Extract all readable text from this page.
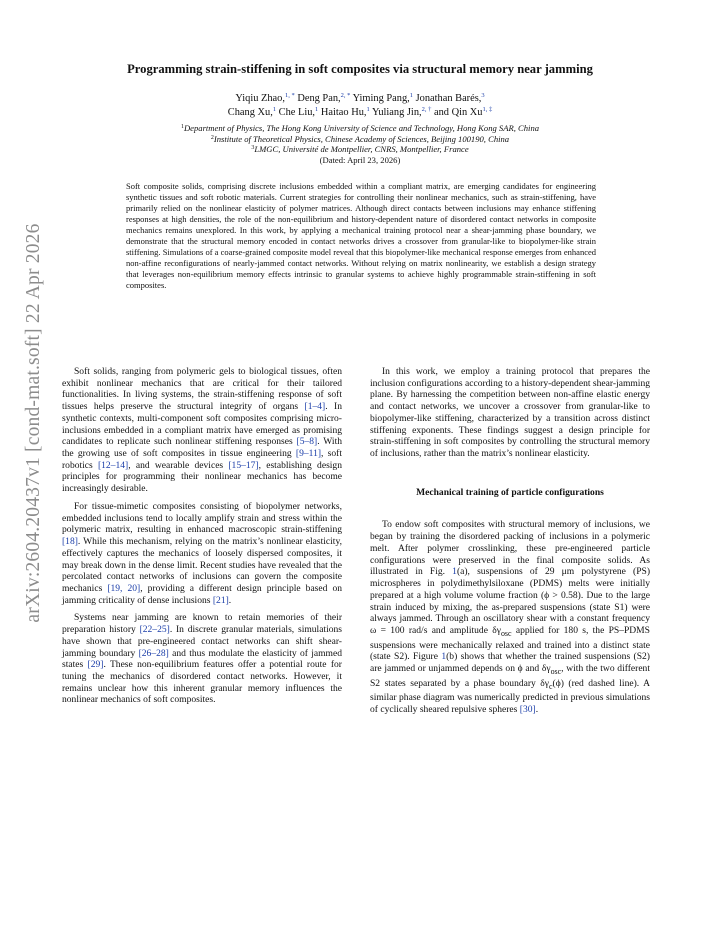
arXiv:2604.20437v1 [cond-mat.soft] 22 Apr 2026
Programming strain-stiffening in soft composites via structural memory near jamming
Yiqiu Zhao,$^{1, *}$ Deng Pan,$^{2, *}$ Yiming Pang,$^1$ Jonathan Barés,$^3$
Chang Xu,$^1$ Che Liu,$^1$ Haitao Hu,$^1$ Yuliang Jin,$^{2, \dagger}$ and Qin Xu$^{1, \ddagger}$
$^1$Department of Physics, The Hong Kong University of Science and Technology, Hong Kong SAR, China
$^2$Institute of Theoretical Physics, Chinese Academy of Sciences, Beijing 100190, China
$^3$LMGC, Université de Montpellier, CNRS, Montpellier, France
(Dated: April 23, 2026)

Soft composite solids, comprising discrete inclusions embedded within a compliant matrix, are emerging candidates for engineering synthetic tissues and soft robotic materials. Current strategies for controlling their nonlinear mechanics, such as strain-stiffening, have primarily relied on the nonlinear elasticity of polymer matrices. Although direct contacts between inclusions may enhance stiffening responses at high densities, the role of the non-equilibrium and history-dependent nature of disordered contact networks in composite mechanics remains unexplored. In this work, by applying a mechanical training protocol near a shear-jamming phase boundary, we demonstrate that the structural memory encoded in contact networks drives a crossover from granular-like to biopolymer-like strain stiffening. Simulations of a coarse-grained composite model reveal that this biopolymer-like mechanical response emerges from enhanced non-affine reconfigurations of nearly-jammed contact networks. Without relying on matrix nonlinearity, we establish a design strategy that leverages non-equilibrium memory effects intrinsic to granular systems to achieve highly programmable strain-stiffening in soft composites.

Soft solids, ranging from polymeric gels to biological tissues, often exhibit nonlinear mechanics that are critical for their tailored functionalities. In living systems, the strain-stiffening response of soft tissues helps preserve the structural integrity of organs [1–4]. In synthetic contexts, multi-component soft composites comprising micro-inclusions embedded in a compliant matrix have emerged as promising candidates to replicate such nonlinear stiffening responses [5–8]. With the growing use of soft composites in tissue engineering [9–11], soft robotics [12–14], and wearable devices [15–17], establishing design principles for programming their nonlinear mechanics has become increasingly desirable.

For tissue-mimetic composites consisting of biopolymer networks, embedded inclusions tend to locally amplify strain and stress within the polymeric matrix, resulting in enhanced macroscopic strain-stiffening [18]. While this mechanism, relying on the matrix’s nonlinear elasticity, effectively captures the mechanics of loosely dispersed composites, it may break down in the dense limit. Recent studies have revealed that the percolated contact networks of inclusions can govern the composite mechanics [19, 20], providing a different design principle based on jamming criticality of dense inclusions [21].

Systems near jamming are known to retain memories of their preparation history [22–25]. In discrete granular materials, simulations have shown that pre-engineered contact networks can shift shear-jamming boundary [26–28] and thus modulate the elasticity of jammed states [29]. These non-equilibrium features offer a potential route for tuning the mechanics of disordered contact networks. However, it remains unclear how this inherent granular memory influences the nonlinear mechanics of soft composites.

In this work, we employ a training protocol that prepares the inclusion configurations according to a history-dependent shear-jamming plane. By harnessing the competition between non-affine elastic energy and contact networks, we uncover a crossover from granular-like to biopolymer-like stiffening, characterized by a transition across distinct stiffening exponents. These findings suggest a design principle for strain-stiffening in soft composites by controlling the structural memory of inclusions, rather than the matrix’s nonlinear elasticity.

Mechanical training of particle configurations

To endow soft composites with structural memory of inclusions, we began by training the disordered packing of inclusions in a polymeric melt. After polymer crosslinking, these pre-engineered particle configurations were preserved in the final composite solids. As illustrated in Fig. 1(a), suspensions of 29 μm polystyrene (PS) microspheres in polydimethylsiloxane (PDMS) melts were initially prepared at a high volume volume fraction (ϕ > 0.58). Due to the large strain induced by mixing, the as-prepared suspensions (state S1) were always jammed. Through an oscillatory shear with a constant frequency ω = 100 rad/s and amplitude $\delta\gamma_{osc}$ applied for 180 s, the PS–PDMS suspensions were mechanically relaxed and trained into a distinct state (state S2). Figure 1(b) shows that whether the trained suspensions (S2) are jammed or unjammed depends on ϕ and $\delta\gamma_{osc}$, with the two different S2 states separated by a phase boundary $\delta\gamma_c(\phi)$ (red dashed line). A similar phase diagram was numerically predicted in previous simulations of cyclically sheared repulsive spheres [30].
